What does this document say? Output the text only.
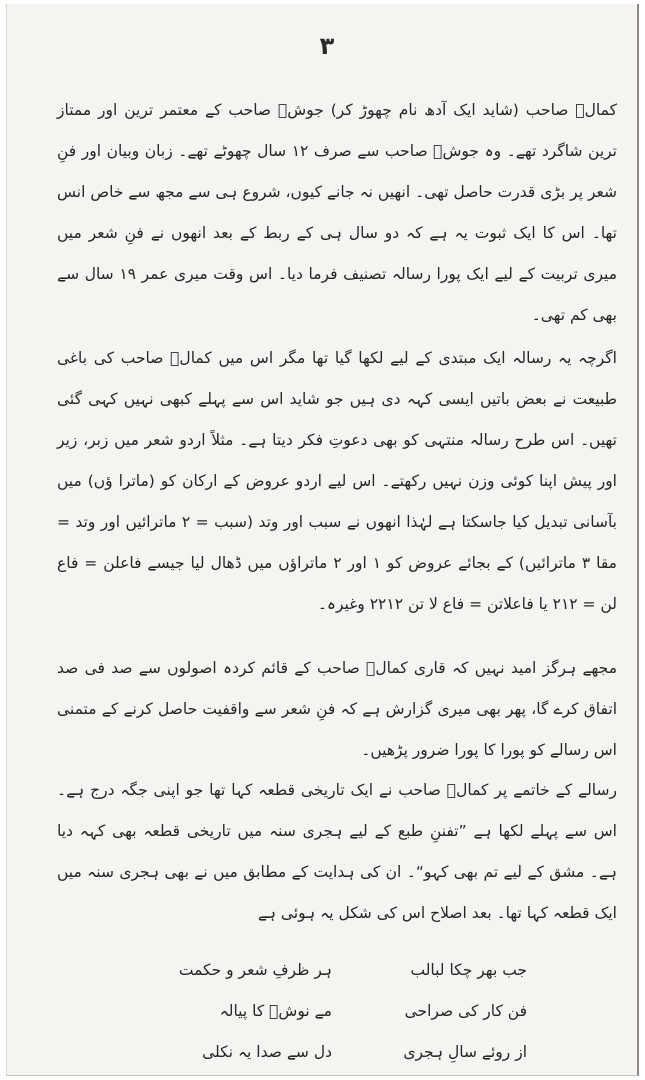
۳

کمالؔ صاحب (شاید ایک آدھ نام چھوڑ کر) جوشؔ صاحب کے معتمر ترین اور ممتاز ترین شاگرد تھے۔ وہ جوشؔ صاحب سے صرف ۱۲ سال چھوٹے تھے۔ زبان وبیان اور فنِ شعر پر بڑی قدرت حاصل تھی۔ انھیں نہ جانے کیوں، شروع ہی سے مجھ سے خاص انس تھا۔ اس کا ایک ثبوت یہ ہے کہ دو سال ہی کے ربط کے بعد انھوں نے فنِ شعر میں میری تربیت کے لیے ایک پورا رسالہ تصنیف فرما دیا۔ اس وقت میری عمر ۱۹ سال سے بھی کم تھی۔

اگرچہ یہ رسالہ ایک مبتدی کے لیے لکھا گیا تھا مگر اس میں کمالؔ صاحب کی باغی طبیعت نے بعض باتیں ایسی کہہ دی ہیں جو شاید اس سے پہلے کبھی نہیں کہی گئی تھیں۔ اس طرح رسالہ منتہی کو بھی دعوتِ فکر دیتا ہے۔ مثلاً اردو شعر میں زبر، زیر اور پیش اپنا کوئی وزن نہیں رکھتے۔ اس لیے اردو عروض کے ارکان کو (ماترا ؤں) میں بآسانی تبدیل کیا جاسکتا ہے لہٰذا انھوں نے سبب اور وتد (سبب = ۲ ماترائیں اور وتد = مقا ۳ ماترائیں) کے بجائے عروض کو ۱ اور ۲ ماتراؤں میں ڈھال لیا جیسے فاعلن = فاع لن = ۲۱۲ یا فاعلاتن = فاع لا تن ۲۲۱۲ وغیرہ۔

مجھے ہرگز امید نہیں کہ قاری کمالؔ صاحب کے قائم کردہ اصولوں سے صد فی صد اتفاق کرے گا، پھر بھی میری گزارش ہے کہ فنِ شعر سے واقفیت حاصل کرنے کے متمنی اس رسالے کو پورا کا پورا ضرور پڑھیں۔

رسالے کے خاتمے پر کمالؔ صاحب نے ایک تاریخی قطعہ کہا تھا جو اپنی جگہ درج ہے۔ اس سے پہلے لکھا ہے ”تفننِ طبع کے لیے ہجری سنہ میں تاریخی قطعہ بھی کہہ دیا ہے۔ مشق کے لیے تم بھی کہو“۔ ان کی ہدایت کے مطابق میں نے بھی ہجری سنہ میں ایک قطعہ کہا تھا۔ بعد اصلاح اس کی شکل یہ ہوئی ہے

جب بھر چکا لبالب
فن کار کی صراحی
از روئے سالِ ہجری
ہر ظرفِ شعر و حکمت
مے نوشؔ کا پیالہ
دل سے صدا یہ نکلی
